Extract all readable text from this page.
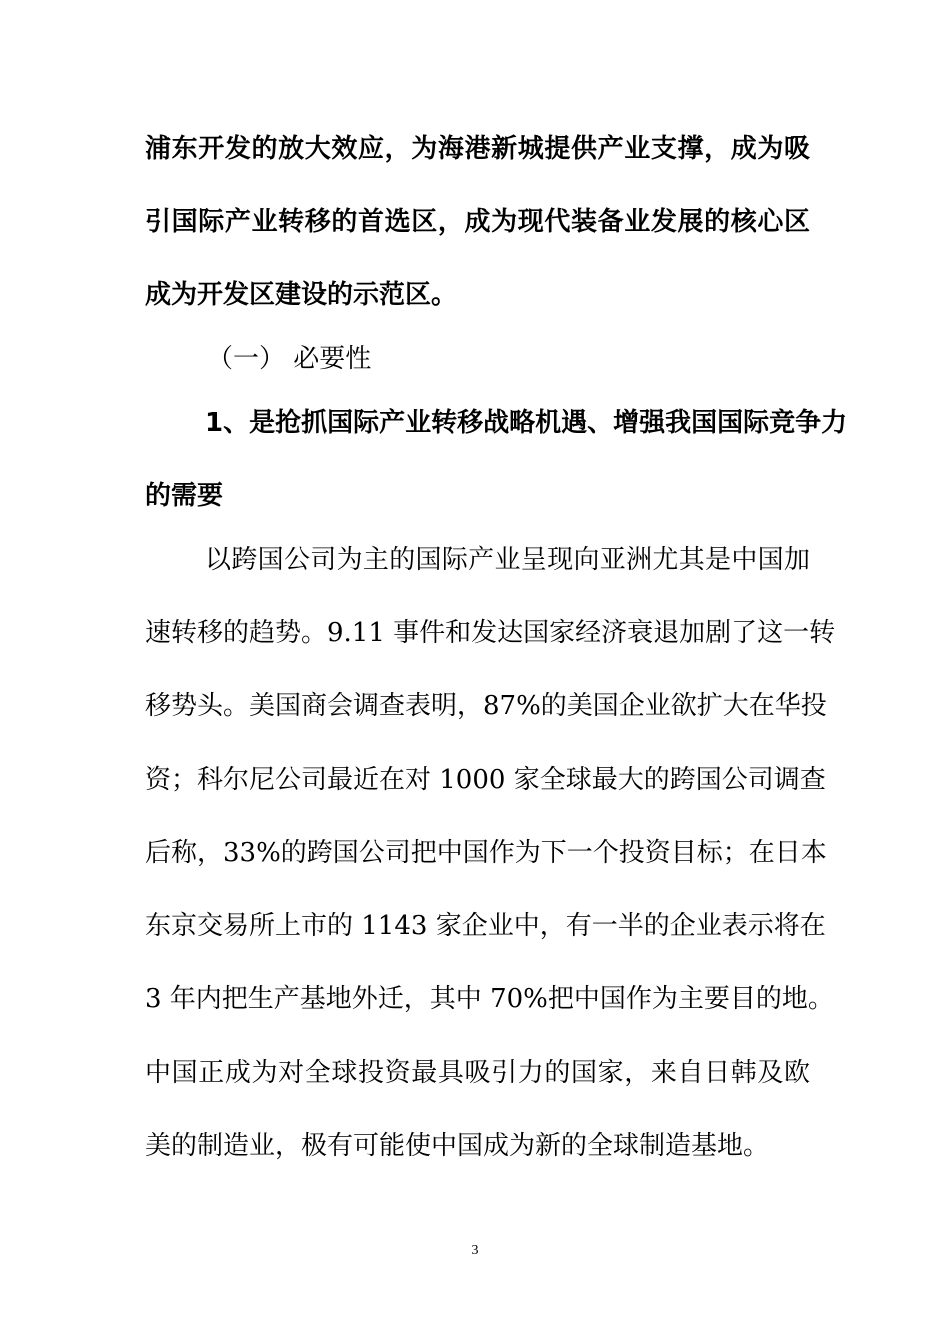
浦东开发的放大效应，为海港新城提供产业支撑，成为吸
引国际产业转移的首选区，成为现代装备业发展的核心区
成为开发区建设的示范区。
（一） 必要性
1、是抢抓国际产业转移战略机遇、增强我国国际竞争力
的需要
以跨国公司为主的国际产业呈现向亚洲尤其是中国加
速转移的趋势。9.11 事件和发达国家经济衰退加剧了这一转
移势头。美国商会调查表明，87%的美国企业欲扩大在华投
资；科尔尼公司最近在对 1000 家全球最大的跨国公司调查
后称，33%的跨国公司把中国作为下一个投资目标；在日本
东京交易所上市的 1143 家企业中，有一半的企业表示将在
3 年内把生产基地外迁，其中 70%把中国作为主要目的地。
中国正成为对全球投资最具吸引力的国家，来自日韩及欧
美的制造业，极有可能使中国成为新的全球制造基地。
3
